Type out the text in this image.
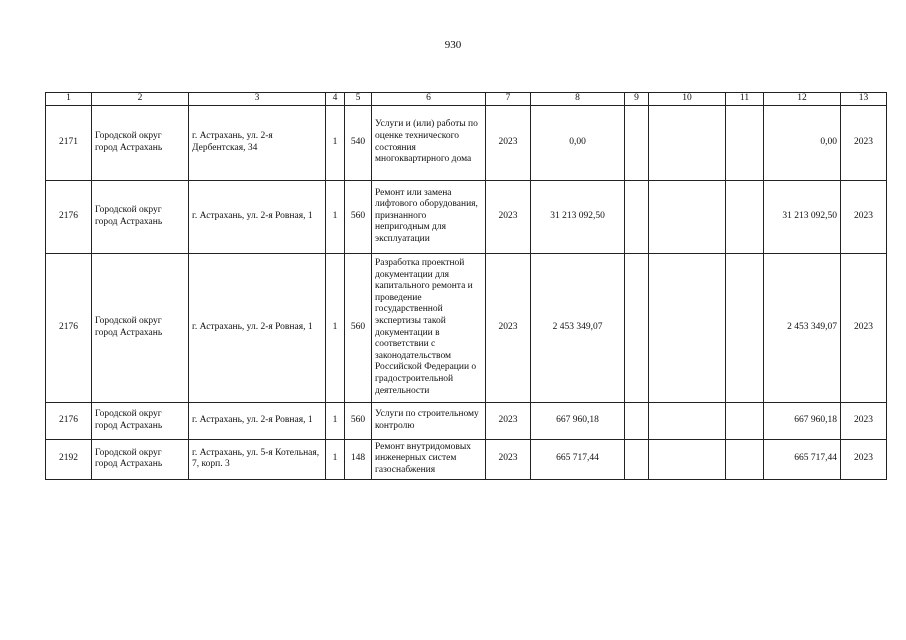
930
1	2	3	4	5	6	7	8	9	10	11	12	13
2171	Городской округ город Астрахань	г. Астрахань, ул. 2-я Дербентская, 34	1	540	Услуги и (или) работы по оценке технического состояния многоквартирного дома	2023	0,00				0,00	2023
2176	Городской округ город Астрахань	г. Астрахань, ул. 2-я Ровная, 1	1	560	Ремонт или замена лифтового оборудования, признанного непригодным для эксплуатации	2023	31 213 092,50				31 213 092,50	2023
2176	Городской округ город Астрахань	г. Астрахань, ул. 2-я Ровная, 1	1	560	Разработка проектной документации для капитального ремонта и проведение государственной экспертизы такой документации в соответствии с законодательством Российской Федерации о градостроительной деятельности	2023	2 453 349,07				2 453 349,07	2023
2176	Городской округ город Астрахань	г. Астрахань, ул. 2-я Ровная, 1	1	560	Услуги по строительному контролю	2023	667 960,18				667 960,18	2023
2192	Городской округ город Астрахань	г. Астрахань, ул. 5-я Котельная, 7, корп. 3	1	148	Ремонт внутридомовых инженерных систем газоснабжения	2023	665 717,44				665 717,44	2023
